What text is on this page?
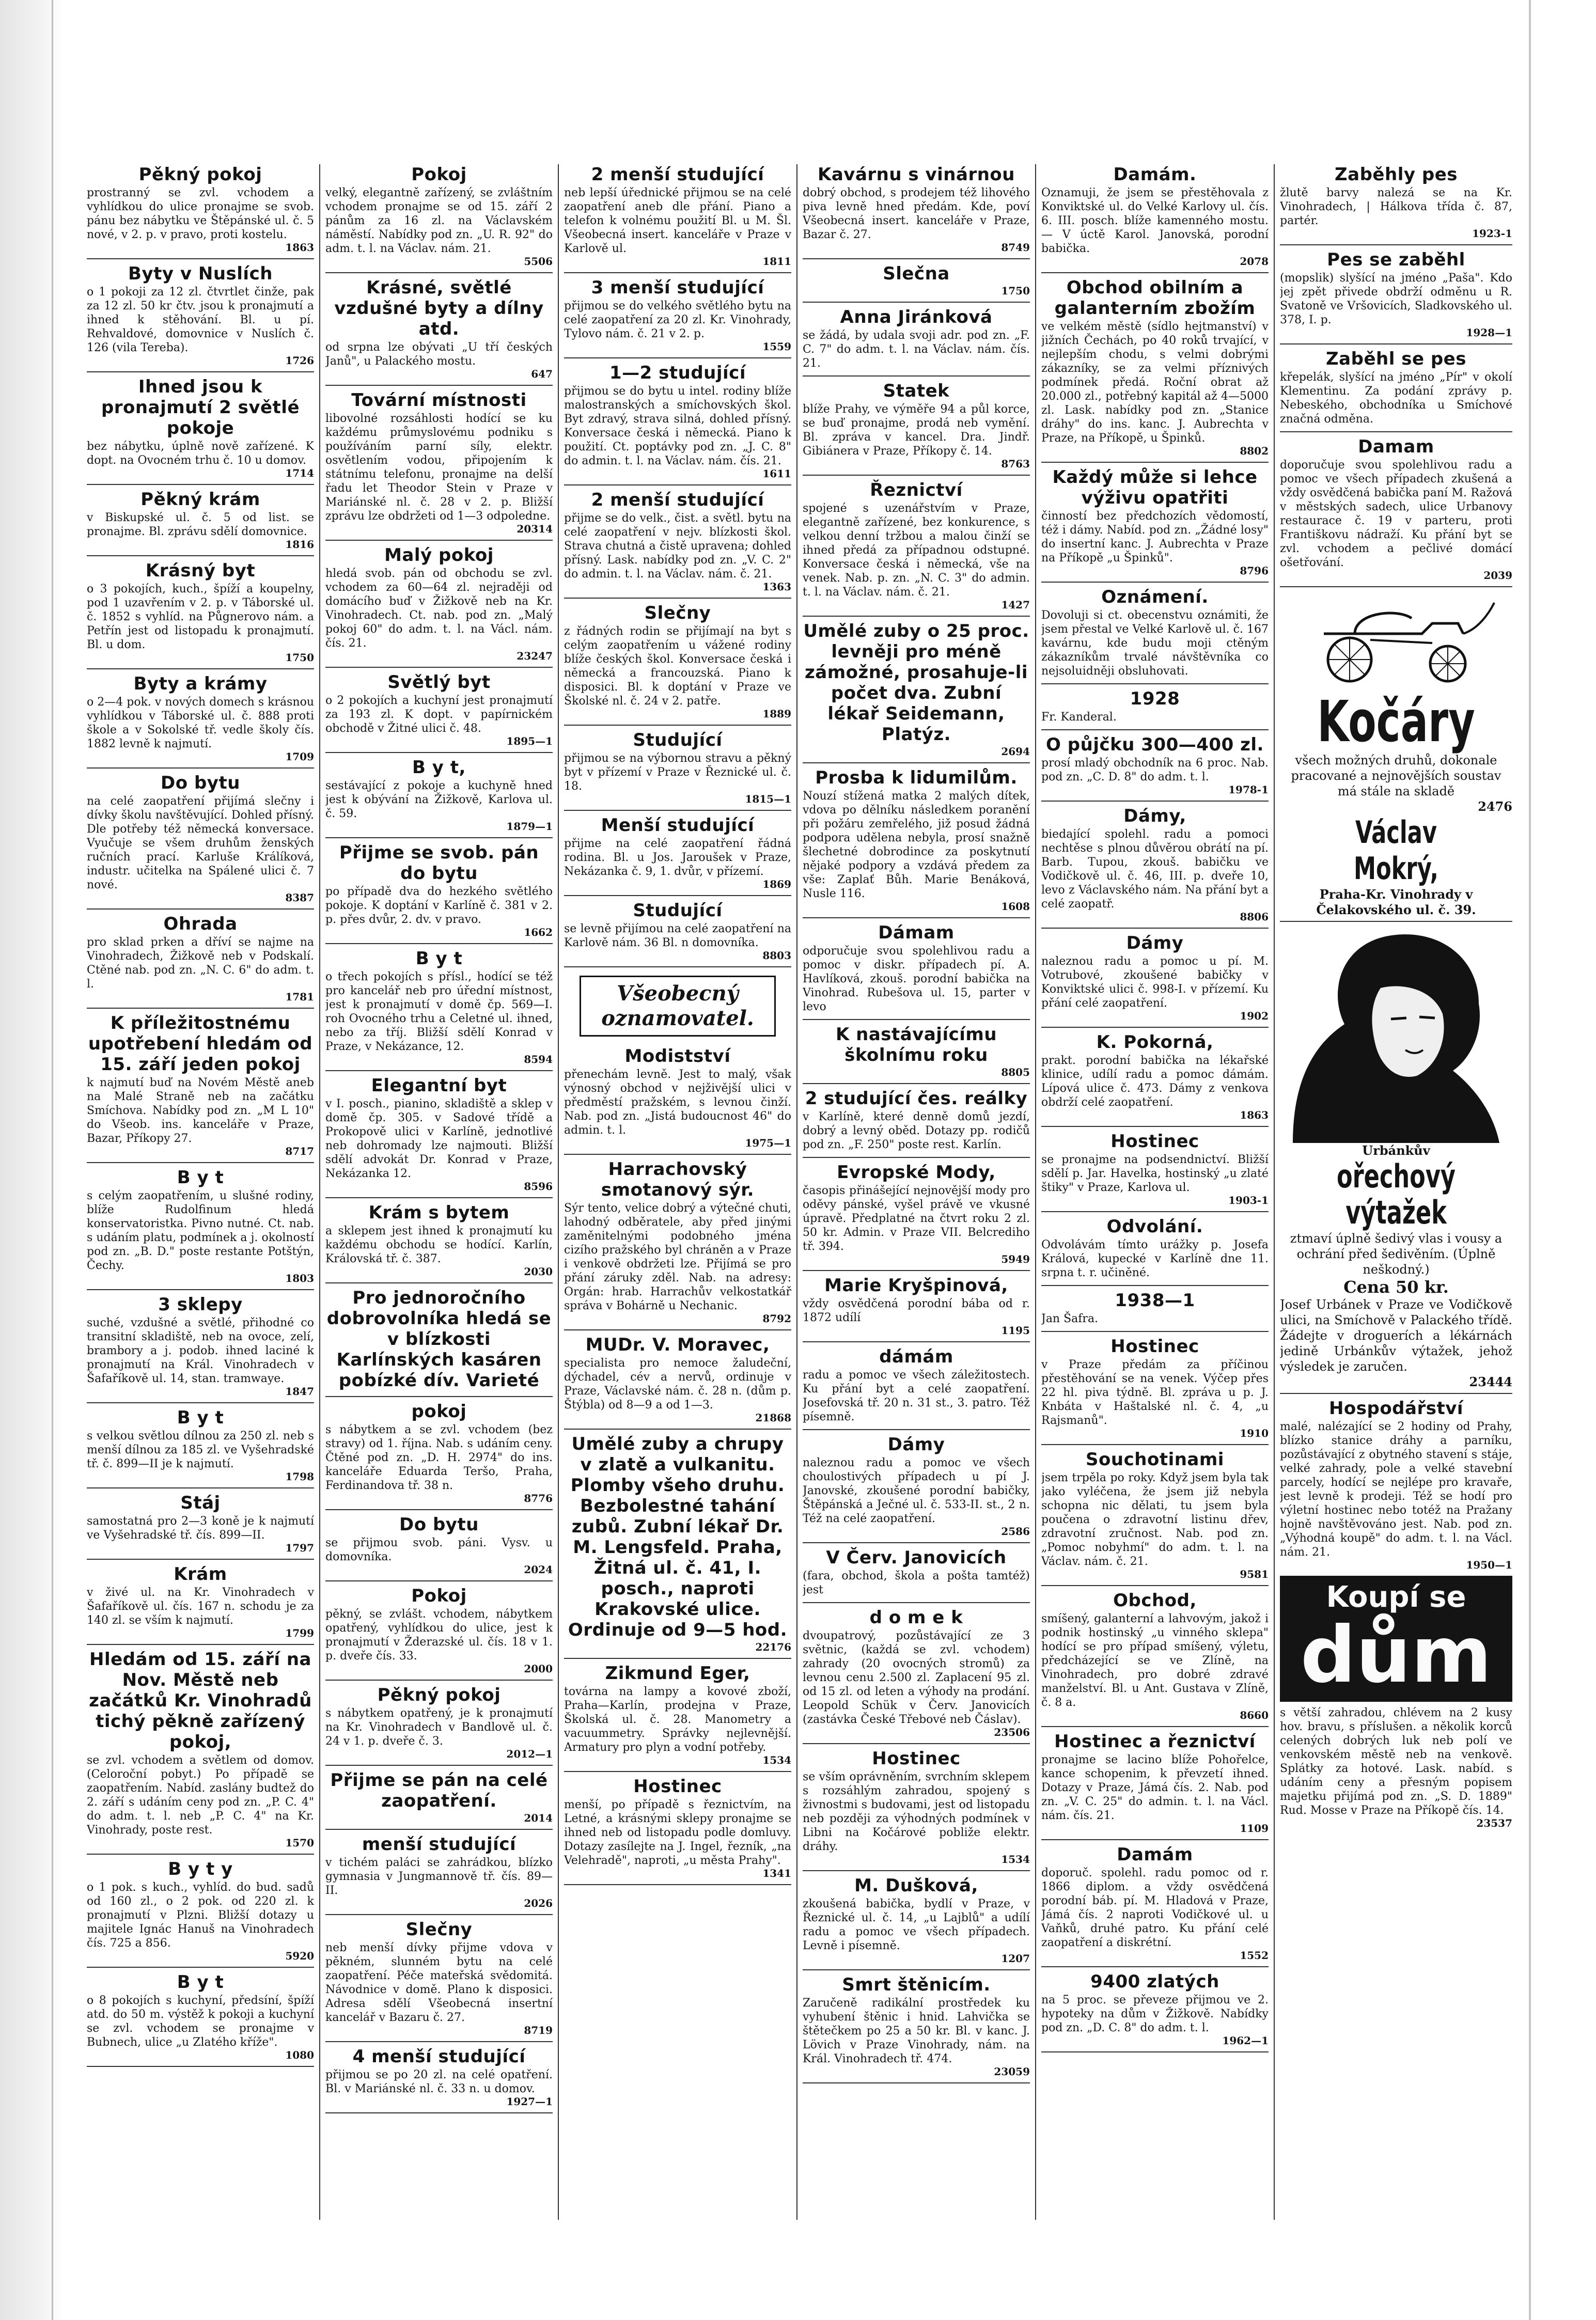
Pěkný pokoj

prostranný se zvl. vchodem a vyhlídkou do ulice pronajme se svob. pánu bez nábytku ve Štěpánské ul. č. 5 nové, v 2. p. v pravo, proti kostelu.

1863
Byty v Nuslích

o 1 pokoji za 12 zl. čtvrtlet činže, pak za 12 zl. 50 kr čtv. jsou k pronajmutí a ihned k stěhování. Bl. u pí. Rehvaldové, domovnice v Nuslích č. 126 (vila Tereba).

1726
Ihned jsou k pronajmutí 2 světlé pokoje

bez nábytku, úplně nově zařízené. K dopt. na Ovocném trhu č. 10 u domov.

1714
Pěkný krám

v Biskupské ul. č. 5 od list. se pronajme. Bl. zprávu sdělí domovnice.

1816
Krásný byt

o 3 pokojích, kuch., špíží a koupelny, pod 1 uzavřením v 2. p. v Táborské ul. č. 1852 s vyhlíd. na Půgnerovo nám. a Petřín jest od listopadu k pronajmutí. Bl. u dom.

1750
Byty a krámy

o 2—4 pok. v nových domech s krásnou vyhlídkou v Táborské ul. č. 888 proti škole a v Sokolské tř. vedle školy čís. 1882 levně k najmutí.

1709
Do bytu

na celé zaopatření přijímá slečny i dívky školu navštěvující. Dohled přísný. Dle potřeby též německá konversace. Vyučuje se všem druhům ženských ručních prací. Karluše Králíková, industr. učitelka na Spálené ulici č. 7 nové.

8387
Ohrada

pro sklad prken a dříví se najme na Vinohradech, Žižkově neb v Podskalí. Ctěné nab. pod zn. „N. C. 6" do adm. t. l.

1781
K příležitostnému upotřebení hledám od 15. září jeden pokoj

k najmutí buď na Novém Městě aneb na Malé Straně neb na začátku Smíchova. Nabídky pod zn. „M L 10" do Všeob. ins. kanceláře v Praze, Bazar, Příkopy 27.

8717
B y t

s celým zaopatřením, u slušné rodiny, blíže Rudolfinum hledá konservatoristka. Pivno nutné. Ct. nab. s udáním platu, podmínek a j. okolností pod zn. „B. D." poste restante Potštýn, Čechy.

1803
3 sklepy

suché, vzdušné a světlé, přihodné co transitní skladiště, neb na ovoce, zelí, brambory a j. podob. ihned laciné k pronajmutí na Král. Vinohradech v Šafaříkově ul. 14, stan. tramwaye.

1847
B y t

s velkou světlou dílnou za 250 zl. neb s menší dílnou za 185 zl. ve Vyšehradské tř. č. 899—II je k najmutí.

1798
Stáj

samostatná pro 2—3 koně je k najmutí ve Vyšehradské tř. čís. 899—II.

1797
Krám

v živé ul. na Kr. Vinohradech v Šafaříkově ul. čís. 167 n. schodu je za 140 zl. se vším k najmutí.

1799
Hledám od 15. září na Nov. Městě neb začátků Kr. Vinohradů tichý pěkně zařízený pokoj,

se zvl. vchodem a světlem od domov. (Celoroční pobyt.) Po případě se zaopatřením. Nabíd. zaslány budtež do 2. září s udáním ceny pod zn. „P. C. 4" do adm. t. l. neb „P. C. 4" na Kr. Vinohrady, poste rest.

1570
B y t y

o 1 pok. s kuch., vyhlíd. do bud. sadů od 160 zl., o 2 pok. od 220 zl. k pronajmutí v Plzni. Bližší dotazy u majitele Ignác Hanuš na Vinohradech čís. 725 a 856.

5920
B y t

o 8 pokojích s kuchyní, předsíní, špíží atd. do 50 m. výstěž k pokoji a kuchyní se zvl. vchodem se pronajme v Bubnech, ulice „u Zlatého kříže".

1080
Pokoj

velký, elegantně zařízený, se zvláštním vchodem pronajme se od 15. září 2 pánům za 16 zl. na Václavském náměstí. Nabídky pod zn. „U. R. 92" do adm. t. l. na Václav. nám. 21.

5506
Krásné, světlé vzdušné byty a dílny atd.

od srpna lze obývati „U tří českých Janů", u Palackého mostu.

647
Tovární místnosti

libovolné rozsáhlosti hodící se ku každému průmyslovému podniku s používáním parní síly, elektr. osvětlením vodou, připojením k státnímu telefonu, pronajme na delší řadu let Theodor Stein v Praze v Mariánské nl. č. 28 v 2. p. Bližší zprávu lze obdržeti od 1—3 odpoledne.

20314
Malý pokoj

hledá svob. pán od obchodu se zvl. vchodem za 60—64 zl. nejraději od domácího buď v Žižkově neb na Kr. Vinohradech. Ct. nab. pod zn. „Malý pokoj 60" do adm. t. l. na Václ. nám. čís. 21.

23247
Světlý byt

o 2 pokojích a kuchyní jest pronajmutí za 193 zl. K dopt. v papírnickém obchodě v Žitné ulici č. 48.

1895—1
B y t,

sestávající z pokoje a kuchyně hned jest k obývání na Žižkově, Karlova ul. č. 59.

1879—1
Přijme se svob. pán do bytu

po případě dva do hezkého světlého pokoje. K doptání v Karlíně č. 381 v 2. p. přes dvůr, 2. dv. v pravo.

1662
B y t

o třech pokojích s přísl., hodící se též pro kancelář neb pro úřední místnost, jest k pronajmutí v domě čp. 569—I. roh Ovocného trhu a Celetné ul. ihned, nebo za tříj. Bližší sdělí Konrad v Praze, v Nekázance, 12.

8594
Elegantní byt

v I. posch., pianino, skladiště a sklep v domě čp. 305. v Sadové třídě a Prokopově ulici v Karlíně, jednotlivé neb dohromady lze najmouti. Bližší sdělí advokát Dr. Konrad v Praze, Nekázanka 12.

8596
Krám s bytem

a sklepem jest ihned k pronajmutí ku každému obchodu se hodící. Karlín, Královská tř. č. 387.

2030
Pro jednoročního dobrovolníka hledá se v blízkosti Karlínských kasáren pobízké dív. Varieté
pokoj

s nábytkem a se zvl. vchodem (bez stravy) od 1. října. Nab. s udáním ceny. Čtěné pod zn. „D. H. 2974" do ins. kanceláře Eduarda Teršo, Praha, Ferdinandova tř. 38 n.

8776
Do bytu

se přijmou svob. páni. Vysv. u domovníka.

2024
Pokoj

pěkný, se zvlášt. vchodem, nábytkem opatřený, vyhlídkou do ulice, jest k pronajmutí v Žderazské ul. čís. 18 v 1. p. dveře čís. 33.

2000
Pěkný pokoj

s nábytkem opatřený, je k pronajmutí na Kr. Vinohradech v Bandlově ul. č. 24 v 1. p. dveře č. 3.

2012—1
Přijme se pán na celé zaopatření.
2014
menší studující

v tichém paláci se zahrádkou, blízko gymnasia v Jungmannově tř. čís. 89—II.

2026
Slečny

neb menší dívky přijme vdova v pěkném, slunném bytu na celé zaopatření. Péče mateřská svědomitá. Návodnice v domě. Plano k disposici. Adresa sdělí Všeobecná insertní kancelář v Bazaru č. 27.

8719
4 menší studující

přijmou se po 20 zl. na celé opatření. Bl. v Mariánské nl. č. 33 n. u domov.

1927—1
2 menší studující

neb lepší úřednické přijmou se na celé zaopatření aneb dle přání. Piano a telefon k volnému použití Bl. u M. Šl. Všeobecná insert. kanceláře v Praze v Karlově ul.

1811
3 menší studující

přijmou se do velkého světlého bytu na celé zaopatření za 20 zl. Kr. Vinohrady, Tylovo nám. č. 21 v 2. p.

1559
1—2 studující

přijmou se do bytu u intel. rodiny blíže malostranských a smíchovských škol. Byt zdravý, strava silná, dohled přísný. Konversace česká i německá. Piano k použití. Ct. poptávky pod zn. „J. C. 8" do admin. t. l. na Václav. nám. čís. 21.

1611
2 menší studující

přijme se do velk., čist. a světl. bytu na celé zaopatření v nejv. blízkosti škol. Strava chutná a čistě upravena; dohled přísný. Lask. nabídky pod zn. „V. C. 2" do admin. t. l. na Václav. nám. č. 21.

1363
Slečny

z řádných rodin se přijímají na byt s celým zaopatřením u vážené rodiny blíže českých škol. Konversace česká i německá a francouzská. Piano k disposici. Bl. k doptání v Praze ve Školské nl. č. 24 v 2. patře.

1889
Studující

přijmou se na výbornou stravu a pěkný byt v přízemí v Praze v Řeznické ul. č. 18.

1815—1
Menší studující

přijme na celé zaopatření řádná rodina. Bl. u Jos. Jaroušek v Praze, Nekázanka č. 9, 1. dvůr, v přízemí.

1869
Studující

se levně přijímou na celé zaopatření na Karlově nám. 36 Bl. n domovníka.

8803
Všeobecný oznamovatel.
Modistství

přenechám levně. Jest to malý, však výnosný obchod v nejživější ulici v předměstí pražském, s levnou činží. Nab. pod zn. „Jistá budoucnost 46" do admin. t. l.

1975—1
Harrachovský smotanový sýr.

Sýr tento, velice dobrý a výtečné chuti, lahodný odběratele, aby před jinými zaměnitelnými podobného jména cizího pražského byl chráněn a v Praze i venkově obdržeti lze. Přijímá se pro přání záruky zděl. Nab. na adresy: Orgán: hrab. Harrachův velkostatkář správa v Bohárně u Nechanic.

8792
MUDr. V. Moravec,

specialista pro nemoce žaludeční, dýchadel, cév a nervů, ordinuje v Praze, Václavské nám. č. 28 n. (dům p. Štýbla) od 8—9 a od 1—3.

21868
Umělé zuby a chrupy v zlatě a vulkanitu. Plomby všeho druhu. Bezbolestné tahání zubů. Zubní lékař Dr. M. Lengsfeld. Praha, Žitná ul. č. 41, I. posch., naproti Krakovské ulice. Ordinuje od 9—5 hod.
22176
Zikmund Eger,

továrna na lampy a kovové zboží, Praha—Karlín, prodejna v Praze, Školská ul. č. 28. Manometry a vacuummetry. Správky nejlevnější. Armatury pro plyn a vodní potřeby.

1534
Hostinec

menší, po případě s řeznictvím, na Letné, a krásnými sklepy pronajme se ihned neb od listopadu podle domluvy. Dotazy zasílejte na J. Ingel, řezník, „na Velehradě", naproti, „u města Prahy".

1341
Kavárnu s vinárnou

dobrý obchod, s prodejem též lihového piva levně hned předám. Kde, poví Všeobecná insert. kanceláře v Praze, Bazar č. 27.

8749
Slečna
1750
Anna Jiránková

se žádá, by udala svoji adr. pod zn. „F. C. 7" do adm. t. l. na Václav. nám. čís. 21.

Statek

blíže Prahy, ve výměře 94 a půl korce, se buď pronajme, prodá neb vymění. Bl. zpráva v kancel. Dra. Jindř. Gibiánera v Praze, Příkopy č. 14.

8763
Řeznictví

spojené s uzenářstvím v Praze, elegantně zařízené, bez konkurence, s velkou denní tržbou a malou činží se ihned předá za případnou odstupné. Konversace česká i německá, vše na venek. Nab. p. zn. „N. C. 3" do admin. t. l. na Václav. nám. č. 21.

1427
Umělé zuby o 25 proc. levněji pro méně zámožné, prosahuje-li počet dva. Zubní lékař Seidemann, Platýz.
2694
Prosba k lidumilům.

Nouzí stížená matka 2 malých dítek, vdova po dělníku následkem poranění při požáru zemřelého, již posud žádná podpora udělena nebyla, prosí snažně šlechetné dobrodince za poskytnutí nějaké podpory a vzdává předem za vše: Zaplať Bůh. Marie Benáková, Nusle 116.

1608
Dámam

odporučuje svou spolehlivou radu a pomoc v diskr. případech pí. A. Havlíková, zkouš. porodní babička na Vinohrad. Rubešova ul. 15, parter v levo

K nastávajícímu školnímu roku
8805
2 studující čes. reálky

v Karlíně, které denně domů jezdí, dobrý a levný oběd. Dotazy pp. rodičů pod zn. „F. 250" poste rest. Karlín.

Evropské Mody,

časopis přinášející nejnovější mody pro oděvy pánské, vyšel právě ve vkusné úpravě. Předplatné na čtvrt roku 2 zl. 50 kr. Admin. v Praze VII. Belcrediho tř. 394.

5949
Marie Kryšpinová,

vždy osvědčená porodní bába od r. 1872 udílí

1195
dámám

radu a pomoc ve všech záležitostech. Ku přání byt a celé zaopatření. Josefovská tř. 20 n. 31 st., 3. patro. Též písemně.

Dámy

naleznou radu a pomoc ve všech choulostivých případech u pí J. Janovské, zkoušené porodní babičky, Štěpánská a Ječné ul. č. 533-II. st., 2 n. Též na celé zaopatření.

2586
V Červ. Janovicích

(fara, obchod, škola a pošta tamtéž) jest

d o m e k

dvoupatrový, pozůstávající ze 3 světnic, (každá se zvl. vchodem) zahrady (20 ovocných stromů) za levnou cenu 2.500 zl. Zaplacení 95 zl. od 15 zl. od leten a výhody na prodání. Leopold Schük v Červ. Janovicích (zastávka České Třebové neb Čáslav).

23506
Hostinec

se vším oprávněním, svrchním sklepem s rozsáhlým zahradou, spojený s živnostmi s budovami, jest od listopadu neb později za výhodných podmínek v Libni na Kočárové pobliže elektr. dráhy.

1534
M. Dušková,

zkoušená babička, bydlí v Praze, v Řeznické ul. č. 14, „u Lajblů" a udílí radu a pomoc ve všech případech. Levně i písemně.

1207
Smrt štěnicím.

Zaručeně radikální prostředek ku vyhubení štěnic i hnid. Lahvička se štětečkem po 25 a 50 kr. Bl. v kanc. J. Lövich v Praze Vinohrady, nám. na Král. Vinohradech tř. 474.

23059
Damám.

Oznamuji, že jsem se přestěhovala z Konviktské ul. do Velké Karlovy ul. čís. 6. III. posch. blíže kamenného mostu. — V úctě Karol. Janovská, porodní babička.

2078
Obchod obilním a galanterním zbožím

ve velkém městě (sídlo hejtmanství) v jižních Čechách, po 40 roků trvající, v nejlepším chodu, s velmi dobrými zákazníky, se za velmi příznivých podmínek předá. Roční obrat až 20.000 zl., potřebný kapitál až 4—5000 zl. Lask. nabídky pod zn. „Stanice dráhy" do ins. kanc. J. Aubrechta v Praze, na Příkopě, u Špinků.

8802
Každý může si lehce výživu opatřiti

činností bez předchozích vědomostí, též i dámy. Nabíd. pod zn. „Žádné losy" do insertní kanc. J. Aubrechta v Praze na Příkopě „u Špinků".

8796
Oznámení.

Dovoluji si ct. obecenstvu oznámiti, že jsem přestal ve Velké Karlově ul. č. 167 kavárnu, kde budu moji ctěným zákazníkům trvalé návštěvníka co nejsoluidněji obsluhovati.

1928

Fr. Kanderal.

O půjčku 300—400 zl.

prosí mladý obchodník na 6 proc. Nab. pod zn. „C. D. 8" do adm. t. l.

1978-1
Dámy,

biedající spolehl. radu a pomoci nechtěse s plnou důvěrou obrátí na pí. Barb. Tupou, zkouš. babičku ve Vodičkově ul. č. 46, III. p. dveře 10, levo z Václavského nám. Na přání byt a celé zaopatř.

8806
Dámy

naleznou radu a pomoc u pí. M. Votrubové, zkoušené babičky v Konviktské ulici č. 998-I. v přízemí. Ku přání celé zaopatření.

1902
K. Pokorná,

prakt. porodní babička na lékařské klinice, udílí radu a pomoc dámám. Lípová ulice č. 473. Dámy z venkova obdrží celé zaopatření.

1863
Hostinec

se pronajme na podsendnictví. Bližší sdělí p. Jar. Havelka, hostinský „u zlaté štiky" v Praze, Karlova ul.

1903-1
Odvolání.

Odvolávám tímto urážky p. Josefa Králová, kupecké v Karlíně dne 11. srpna t. r. učiněné.

1938—1

Jan Šafra.

Hostinec

v Praze předám za příčinou přestěhování se na venek. Výčep přes 22 hl. piva týdně. Bl. zpráva u p. J. Knbáta v Haštalské nl. č. 4, „u Rajsmanů".

1910
Souchotinami

jsem trpěla po roky. Když jsem byla tak jako vyléčena, že jsem již nebyla schopna nic dělati, tu jsem byla poučena o zdravotní listinu dřev, zdravotní zručnost. Nab. pod zn. „Pomoc nobyhmí" do adm. t. l. na Václav. nám. č. 21.

9581
Obchod,

smíšený, galanterní a lahvovým, jakož i podnik hostinský „u vinného sklepa" hodící se pro případ smíšený, výletu, předcházející se ve Zlíně, na Vinohradech, pro dobré zdravé manželství. Bl. u Ant. Gustava v Zlíně, č. 8 a.

8660
Hostinec a řeznictví

pronajme se lacino blíže Pohořelce, kance schopenim, k převzetí ihned. Dotazy v Praze, Jámá čís. 2. Nab. pod zn. „V. C. 25" do admin. t. l. na Václ. nám. čís. 21.

1109
Damám

doporuč. spolehl. radu pomoc od r. 1866 diplom. a vždy osvědčená porodní báb. pí. M. Hladová v Praze, Jámá čís. 2 naproti Vodičkové ul. u Vaňků, druhé patro. Ku přání celé zaopatření a diskrétní.

1552
9400 zlatých

na 5 proc. se převeze přijmou ve 2. hypoteky na dům v Žižkově. Nabídky pod zn. „D. C. 8" do adm. t. l.

1962—1
Zaběhly pes

žlutě barvy nalezá se na Kr. Vinohradech, | Hálkova třída č. 87, partér.

1923-1
Pes se zaběhl

(mopslik) slyšící na jméno „Paša". Kdo jej zpět přivede obdrží odměnu u R. Svatoně ve Vršovicích, Sladkovského ul. 378, I. p.

1928—1
Zaběhl se pes

křepelák, slyšící na jméno „Pír" v okolí Klementinu. Za podání zprávy p. Nebeského, obchodníka u Smíchové značná odměna.

Damam

doporučuje svou spolehlivou radu a pomoc ve všech případech zkušená a vždy osvědčená babička paní M. Ražová v městských sadech, ulice Urbanovy restaurace č. 19 v parteru, proti Františkovu nádraží. Ku přání byt se zvl. vchodem a pečlivé domácí ošetřování.

2039

Kočáry

všech možných druhů, dokonale pracované a nejnovějších soustav má stále na skladě

2476

Václav Mokrý,

Praha-Kr. Vinohrady v Čelakovského ul. č. 39.

Urbánkův

ořechový výtažek

ztmaví úplně šedivý vlas i vousy a ochrání před šedivěním. (Úplně neškodný.)

Cena 50 kr.

Josef Urbánek v Praze ve Vodičkově ulici, na Smíchově v Palackého třídě. Žádejte v droguerích a lékárnách jedině Urbánkův výtažek, jehož výsledek je zaručen.

23444

Hospodářství

malé, nalézající se 2 hodiny od Prahy, blízko stanice dráhy a parníku, pozůstávající z obytného stavení s stáje, velké zahrady, pole a velké stavební parcely, hodící se nejlépe pro kravaře, jest levně k prodeji. Též se hodí pro výletní hostinec nebo totéž na Pražany hojně navštěvováno jest. Nab. pod zn. „Výhodná koupě" do adm. t. l. na Václ. nám. 21.

1950—1
Koupí se
dům

s větší zahradou, chlévem na 2 kusy hov. bravu, s příslušen. a několik korců celených dobrých luk neb polí ve venkovském městě neb na venkově. Splátky za hotové. Lask. nabíd. s udáním ceny a přesným popisem majetku přijímá pod zn. „S. D. 1889" Rud. Mosse v Praze na Příkopě čís. 14.

23537
